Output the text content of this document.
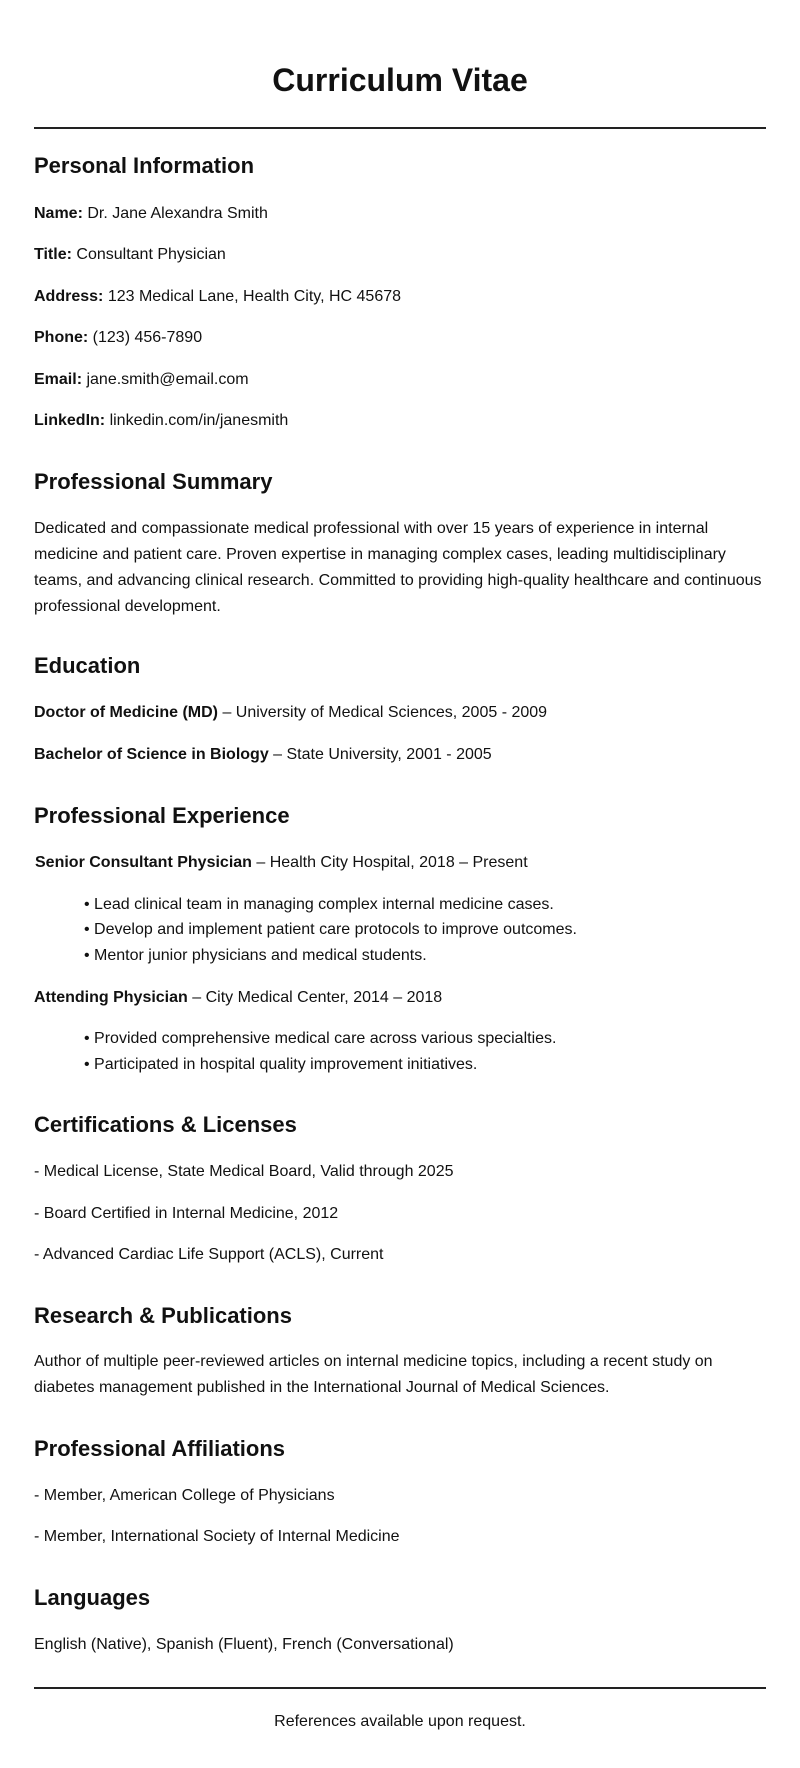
Curriculum Vitae
Personal Information
Name: Dr. Jane Alexandra Smith
Title: Consultant Physician
Address: 123 Medical Lane, Health City, HC 45678
Phone: (123) 456-7890
Email: jane.smith@email.com
LinkedIn: linkedin.com/in/janesmith
Professional Summary

Dedicated and compassionate medical professional with over 15 years of experience in internal medicine and patient care. Proven expertise in managing complex cases, leading multidisciplinary teams, and advancing clinical research. Committed to providing high-quality healthcare and continuous professional development.

Education
Doctor of Medicine (MD) – University of Medical Sciences, 2005 - 2009
Bachelor of Science in Biology – State University, 2001 - 2005
Professional Experience
Senior Consultant Physician – Health City Hospital, 2018 – Present
• Lead clinical team in managing complex internal medicine cases.
• Develop and implement patient care protocols to improve outcomes.
• Mentor junior physicians and medical students.
Attending Physician – City Medical Center, 2014 – 2018
• Provided comprehensive medical care across various specialties.
• Participated in hospital quality improvement initiatives.
Certifications & Licenses
- Medical License, State Medical Board, Valid through 2025
- Board Certified in Internal Medicine, 2012
- Advanced Cardiac Life Support (ACLS), Current
Research & Publications

Author of multiple peer-reviewed articles on internal medicine topics, including a recent study on diabetes management published in the International Journal of Medical Sciences.

Professional Affiliations
- Member, American College of Physicians
- Member, International Society of Internal Medicine
Languages
English (Native), Spanish (Fluent), French (Conversational)
References available upon request.
